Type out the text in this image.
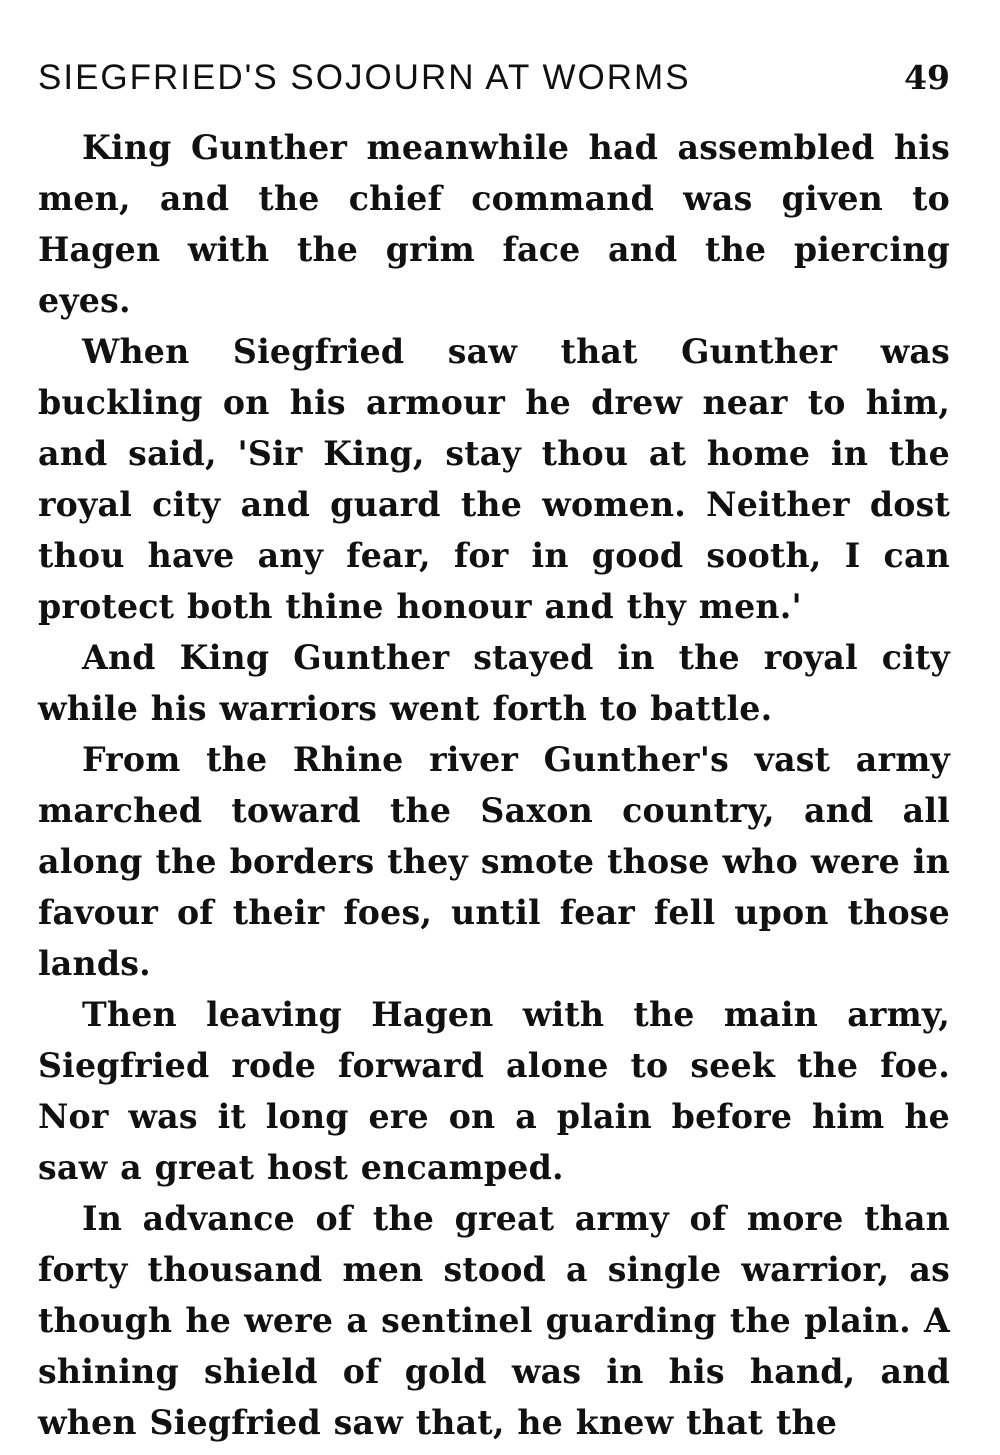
SIEGFRIED'S SOJOURN AT WORMS	49

King Gunther meanwhile had assembled his men, and the chief command was given to Hagen with the grim face and the piercing eyes.

When Siegfried saw that Gunther was buckling on his armour he drew near to him, and said, 'Sir King, stay thou at home in the royal city and guard the women. Neither dost thou have any fear, for in good sooth, I can protect both thine honour and thy men.'

And King Gunther stayed in the royal city while his warriors went forth to battle.

From the Rhine river Gunther's vast army marched toward the Saxon country, and all along the borders they smote those who were in favour of their foes, until fear fell upon those lands.

Then leaving Hagen with the main army, Siegfried rode forward alone to seek the foe. Nor was it long ere on a plain before him he saw a great host encamped.

In advance of the great army of more than forty thousand men stood a single warrior, as though he were a sentinel guarding the plain. A shining shield of gold was in his hand, and when Siegfried saw that, he knew that the
